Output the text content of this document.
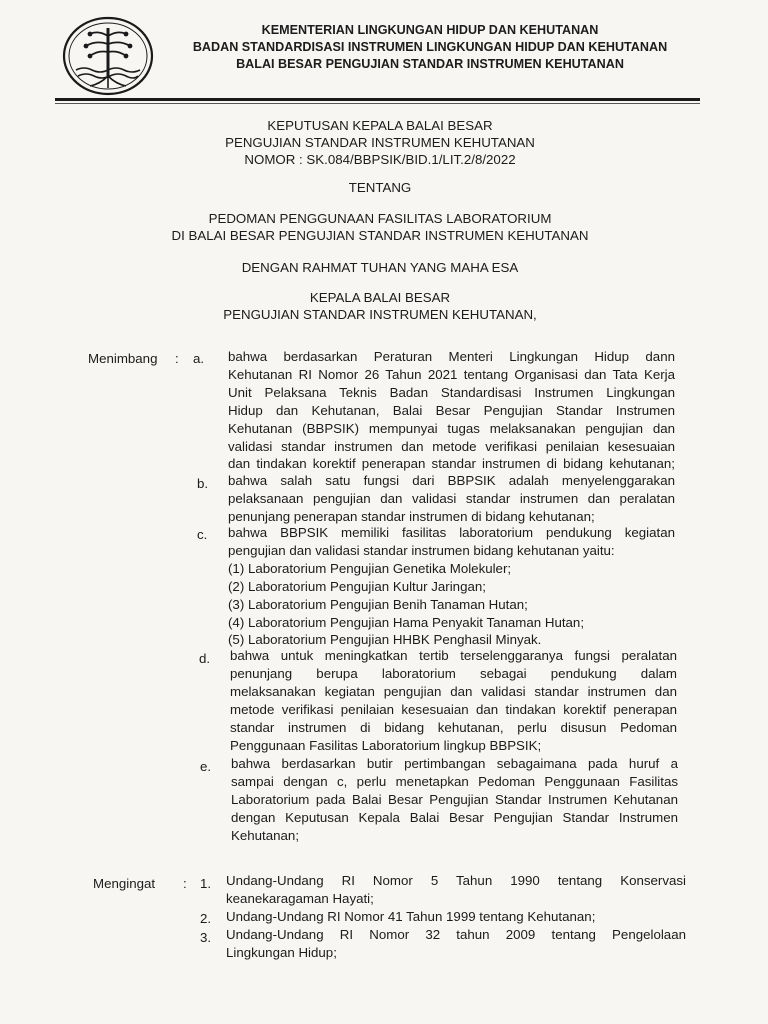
KEMENTERIAN LINGKUNGAN HIDUP DAN KEHUTANAN
BADAN STANDARDISASI INSTRUMEN LINGKUNGAN HIDUP DAN KEHUTANAN
BALAI BESAR PENGUJIAN STANDAR INSTRUMEN KEHUTANAN
KEPUTUSAN KEPALA BALAI BESAR
PENGUJIAN STANDAR INSTRUMEN KEHUTANAN
NOMOR : SK.084/BBPSIK/BID.1/LIT.2/8/2022
TENTANG
PEDOMAN PENGGUNAAN FASILITAS LABORATORIUM
DI BALAI BESAR PENGUJIAN STANDAR INSTRUMEN KEHUTANAN
DENGAN RAHMAT TUHAN YANG MAHA ESA
KEPALA BALAI BESAR
PENGUJIAN STANDAR INSTRUMEN KEHUTANAN,
Menimbang : a. bahwa berdasarkan Peraturan Menteri Lingkungan Hidup dann
Kehutanan RI Nomor 26 Tahun 2021 tentang Organisasi dan Tata Kerja
Unit Pelaksana Teknis Badan Standardisasi Instrumen Lingkungan
Hidup dan Kehutanan, Balai Besar Pengujian Standar Instrumen
Kehutanan (BBPSIK) mempunyai tugas melaksanakan pengujian dan
validasi standar instrumen dan metode verifikasi penilaian kesesuaian
dan tindakan korektif penerapan standar instrumen di bidang kehutanan;
b. bahwa salah satu fungsi dari BBPSIK adalah menyelenggarakan
pelaksanaan pengujian dan validasi standar instrumen dan peralatan
penunjang penerapan standar instrumen di bidang kehutanan;
c. bahwa BBPSIK memiliki fasilitas laboratorium pendukung kegiatan
pengujian dan validasi standar instrumen bidang kehutanan yaitu:
(1) Laboratorium Pengujian Genetika Molekuler;
(2) Laboratorium Pengujian Kultur Jaringan;
(3) Laboratorium Pengujian Benih Tanaman Hutan;
(4) Laboratorium Pengujian Hama Penyakit Tanaman Hutan;
(5) Laboratorium Pengujian HHBK Penghasil Minyak.
d. bahwa untuk meningkatkan tertib terselenggaranya fungsi peralatan
penunjang berupa laboratorium sebagai pendukung dalam
melaksanakan kegiatan pengujian dan validasi standar instrumen dan
metode verifikasi penilaian kesesuaian dan tindakan korektif penerapan
standar instrumen di bidang kehutanan, perlu disusun Pedoman
Penggunaan Fasilitas Laboratorium lingkup BBPSIK;
e. bahwa berdasarkan butir pertimbangan sebagaimana pada huruf a
sampai dengan c, perlu menetapkan Pedoman Penggunaan Fasilitas
Laboratorium pada Balai Besar Pengujian Standar Instrumen Kehutanan
dengan Keputusan Kepala Balai Besar Pengujian Standar Instrumen
Kehutanan;
Mengingat : 1. Undang-Undang RI Nomor 5 Tahun 1990 tentang Konservasi
keanekaragaman Hayati;
2. Undang-Undang RI Nomor 41 Tahun 1999 tentang Kehutanan;
3. Undang-Undang RI Nomor 32 tahun 2009 tentang Pengelolaan
Lingkungan Hidup;
